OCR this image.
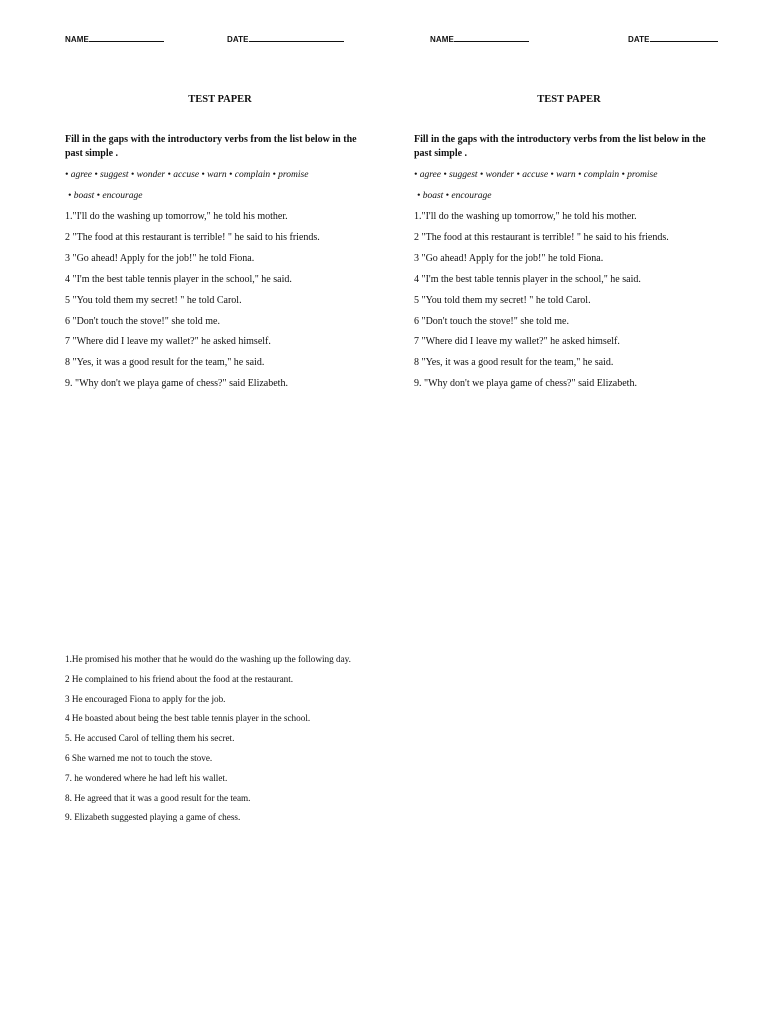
NAME	DATE	NAME	DATE
TEST PAPER
Fill in the gaps with the introductory verbs from the list below in the past simple .
• agree • suggest • wonder • accuse • warn • complain • promise
• boast • encourage
1."I'll do the washing up tomorrow," he told his mother.
2 "The food at this restaurant is terrible! " he said to his friends.
3 "Go ahead! Apply for the job!" he told Fiona.
4 "I'm the best table tennis player in the school," he said.
5 "You told them my secret! " he told Carol.
6 "Don't touch the stove!" she told me.
7 "Where did I leave my wallet?" he asked himself.
8 "Yes, it was a good result for the team," he said.
9. "Why don't we playa game of chess?" said Elizabeth.
TEST PAPER
Fill in the gaps with the introductory verbs from the list below in the past simple .
• agree • suggest • wonder • accuse • warn • complain • promise
• boast • encourage
1."I'll do the washing up tomorrow," he told his mother.
2 "The food at this restaurant is terrible! " he said to his friends.
3 "Go ahead! Apply for the job!" he told Fiona.
4 "I'm the best table tennis player in the school," he said.
5 "You told them my secret! " he told Carol.
6 "Don't touch the stove!" she told me.
7 "Where did I leave my wallet?" he asked himself.
8 "Yes, it was a good result for the team," he said.
9. "Why don't we playa game of chess?" said Elizabeth.
1.He promised his mother that he would do the washing up the following day.
2 He complained to his friend about the food at the restaurant.
3 He encouraged Fiona to apply for the job.
4 He boasted about being the best table tennis player in the school.
5. He accused Carol of telling them his secret.
6 She warned me not to touch the stove.
7. he wondered where he had left his wallet.
8. He agreed that it was a good result for the team.
9. Elizabeth suggested playing a game of chess.
